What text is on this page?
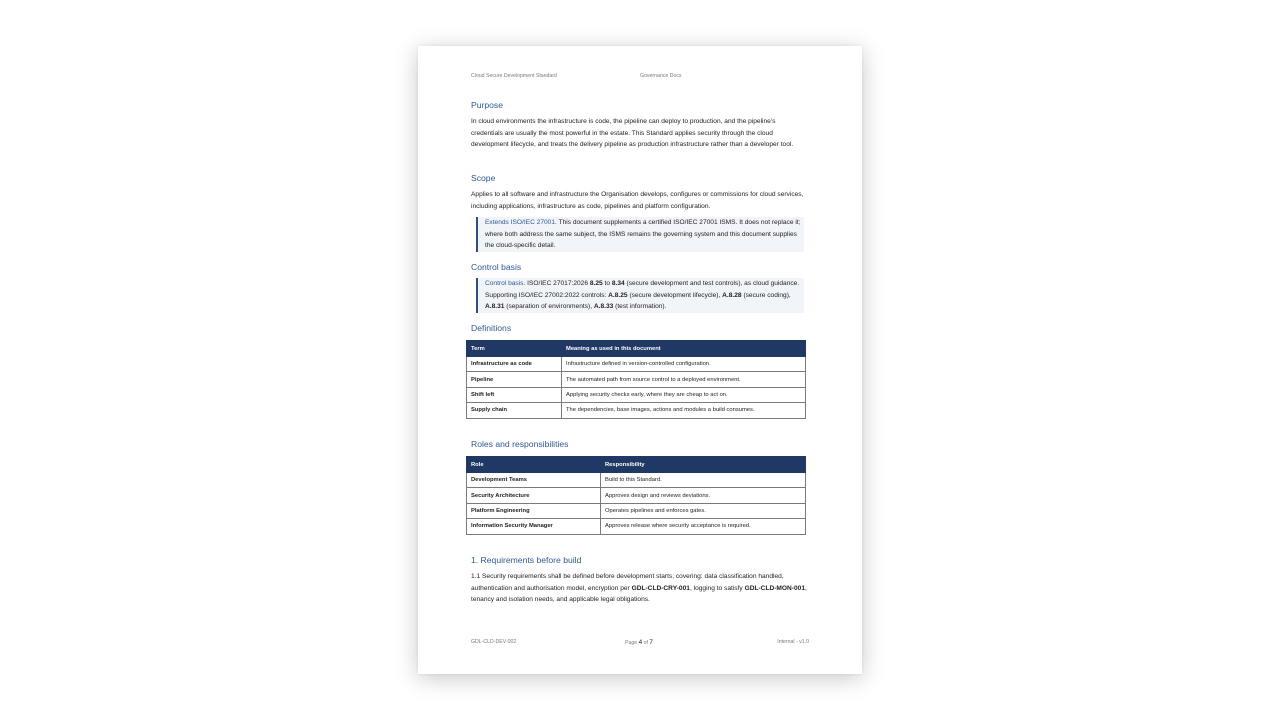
Cloud Secure Development Standard	Governance Docs
Purpose

In cloud environments the infrastructure is code, the pipeline can deploy to production, and the pipeline’s credentials are usually the most powerful in the estate. This Standard applies security through the cloud development lifecycle, and treats the delivery pipeline as production infrastructure rather than a developer tool.

Scope

Applies to all software and infrastructure the Organisation develops, configures or commissions for cloud services, including applications, infrastructure as code, pipelines and platform configuration.

Extends ISO/IEC 27001. This document supplements a certified ISO/IEC 27001 ISMS. It does not replace it; where both address the same subject, the ISMS remains the governing system and this document supplies the cloud-specific detail.
Control basis
Control basis. ISO/IEC 27017:2026 8.25 to 8.34 (secure development and test controls), as cloud guidance. Supporting ISO/IEC 27002:2022 controls: A.8.25 (secure development lifecycle), A.8.28 (secure coding), A.8.31 (separation of environments), A.8.33 (test information).
Definitions
Term	Meaning as used in this document
Infrastructure as code	Infrastructure defined in version-controlled configuration.
Pipeline	The automated path from source control to a deployed environment.
Shift left	Applying security checks early, where they are cheap to act on.
Supply chain	The dependencies, base images, actions and modules a build consumes.
Roles and responsibilities
Role	Responsibility
Development Teams	Build to this Standard.
Security Architecture	Approves design and reviews deviations.
Platform Engineering	Operates pipelines and enforces gates.
Information Security Manager	Approves release where security acceptance is required.
1. Requirements before build

1.1 Security requirements shall be defined before development starts, covering: data classification handled, authentication and authorisation model, encryption per GDL-CLD-CRY-001, logging to satisfy GDL-CLD-MON-001, tenancy and isolation needs, and applicable legal obligations.

GDL-CLD-DEV-002	Page 4 of 7	Internal - v1.0
